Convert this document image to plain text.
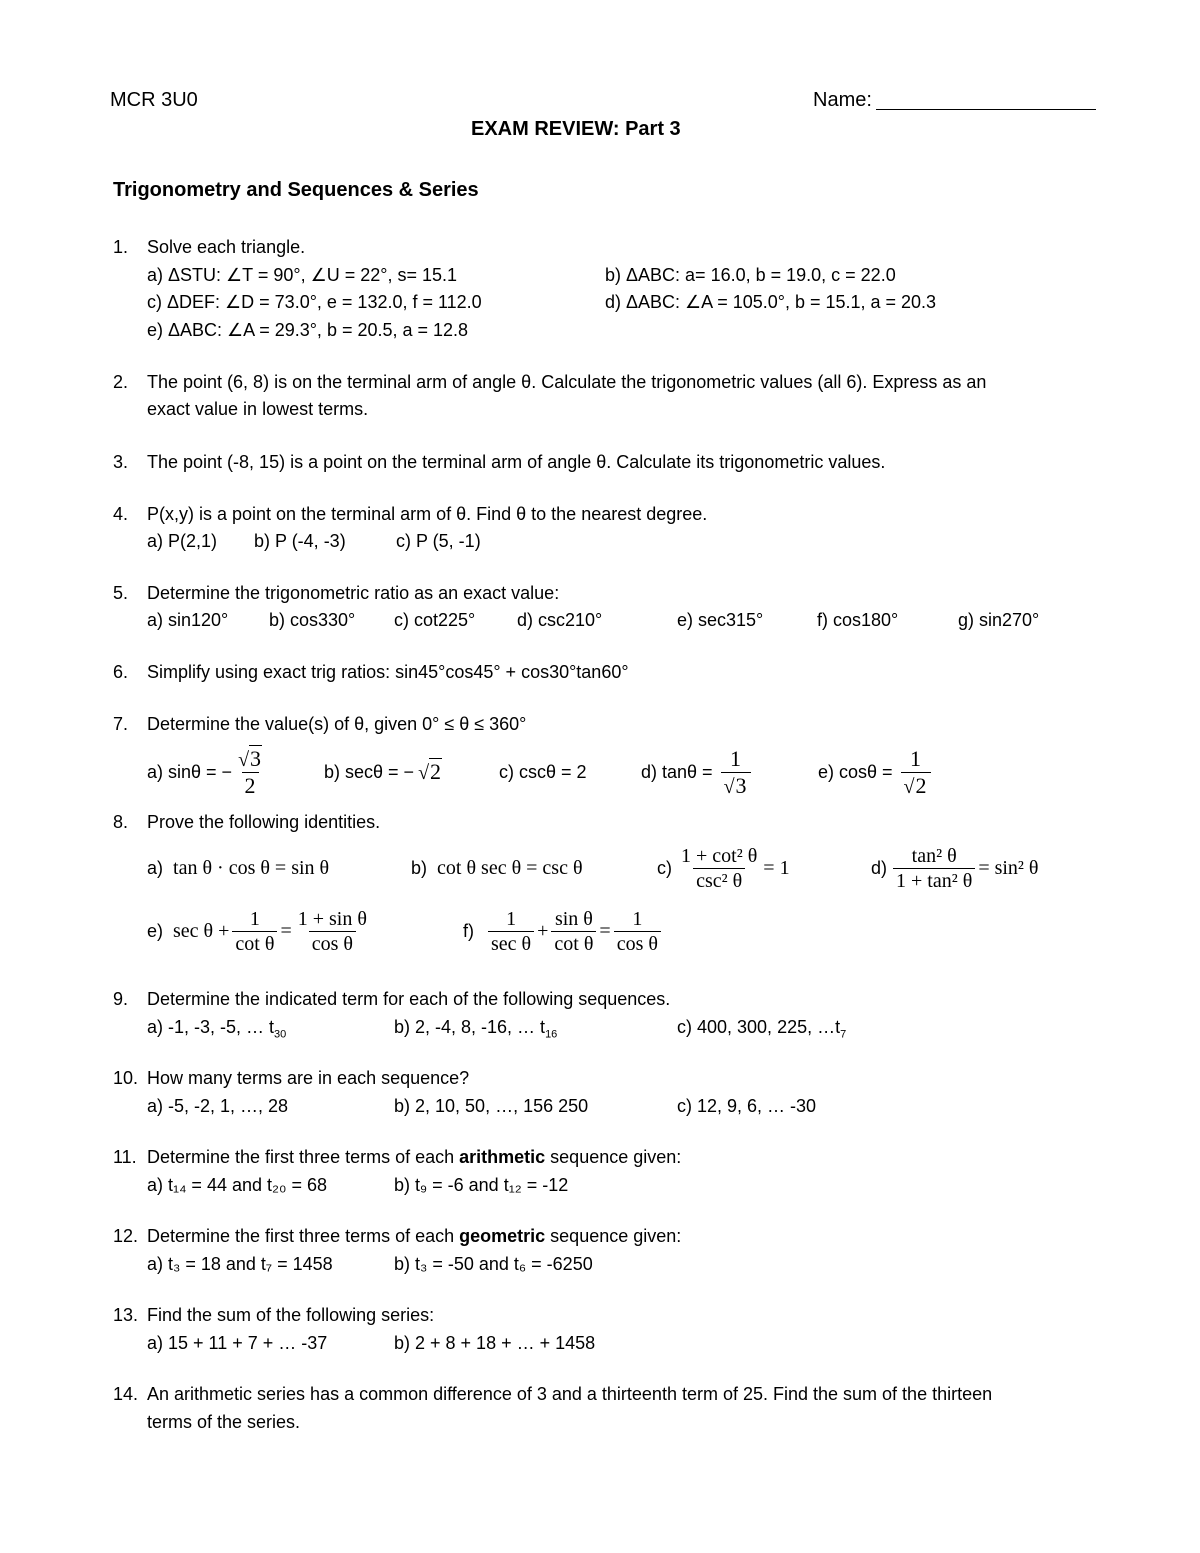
MCR 3U0	Name:
EXAM REVIEW: Part 3
Trigonometry and Sequences & Series
1. Solve each triangle.
a) ΔSTU: ∠T = 90°, ∠U = 22°, s= 15.1	b) ΔABC: a= 16.0, b = 19.0, c = 22.0
c) ΔDEF: ∠D = 73.0°, e = 132.0, f = 112.0	d) ΔABC: ∠A = 105.0°, b = 15.1, a = 20.3
e) ΔABC: ∠A = 29.3°, b = 20.5, a = 12.8
2. The point (6, 8) is on the terminal arm of angle θ. Calculate the trigonometric values (all 6). Express as an
exact value in lowest terms.
3. The point (-8, 15) is a point on the terminal arm of angle θ. Calculate its trigonometric values.
4. P(x,y) is a point on the terminal arm of θ. Find θ to the nearest degree.
a) P(2,1) b) P (-4, -3)	c) P (5, -1)
5. Determine the trigonometric ratio as an exact value:
a) sin120° b) cos330° c) cot225° d) csc210°	e) sec315°	f) cos180°	g) sin270°
6. Simplify using exact trig ratios: sin45°cos45° + cos30°tan60°
7. Determine the value(s) of θ, given 0° ≤ θ ≤ 360°
a) sinθ = − $\frac{√3}{2}$	b) secθ = − √2	c) cscθ = 2	d) $\tan\theta = \frac{1}{√3}$	e) $\cos\theta = \frac{1}{√2}$
8. Prove the following identities.
a) tan θ · cos θ = sin θ	b) cot θ sec θ = csc θ	$c) \frac{\text{1 + cot² θ}}{\text{csc² θ}} = 1$	$d) \frac{\text{tan² θ}}{\text{1 + tan² θ}} = \sin^2$ θ
e) $\sec \theta + \frac{1}{\text{cot θ}} = \frac{\text{1 + sin θ}}{\text{cos θ}}$	$f) \frac{1}{\text{sec θ}} + \frac{\text{sin θ}}{\text{cot θ}} = \frac{1}{\text{cos θ}}$
9. Determine the indicated term for each of the following sequences.
a) -1, -3, -5, … $t_{30}$	b) 2, -4, 8, -16, … $t_{16}$	c) 400, 300, 225, $\dots t_7$
10. How many terms are in each sequence?
a) -5, -2, 1, …, 28	b) 2, 10, 50, …, 156 250	c) 12, 9, 6, … -30
11. Determine the first three terms of each arithmetic sequence given:
a) t₁₄ = 44 and t₂₀ = 68	b) t₉ = -6 and t₁₂ = -12
12. Determine the first three terms of each geometric sequence given:
a) t₃ = 18 and t₇ = 1458	b) t₃ = -50 and t₆ = -6250
13. Find the sum of the following series:
a) 15 + 11 + 7 + … -37	b) 2 + 8 + 18 + … + 1458
14. An arithmetic series has a common difference of 3 and a thirteenth term of 25. Find the sum of the thirteen
terms of the series.
